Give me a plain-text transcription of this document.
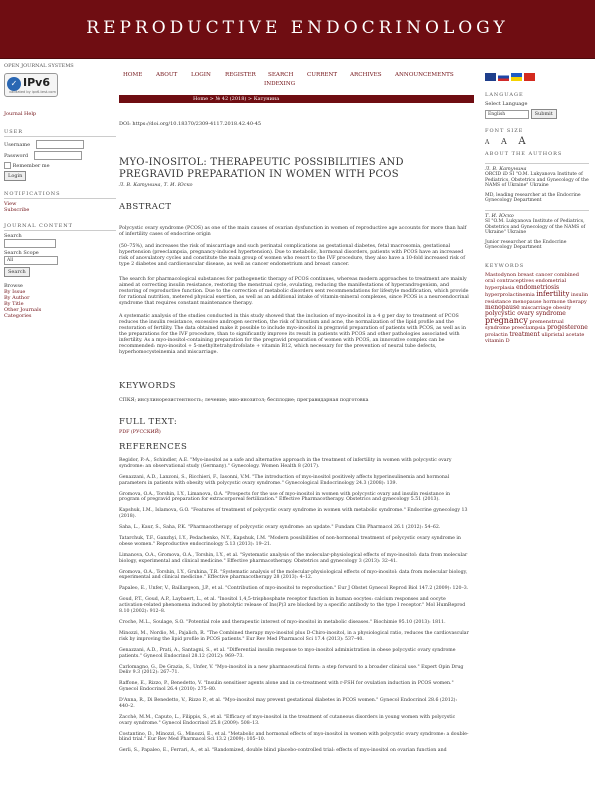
REPRODUCTIVE ENDOCRINOLOGY
OPEN JOURNAL SYSTEMS
✓ IPv6
validated by ipv6-test.com
Journal Help
USER
Username
Password
Remember me
Login
NOTIFICATIONS
View
Subscribe
JOURNAL CONTENT
Search
Search Scope
All
Search
Browse
By Issue
By Author
By Title
Other Journals
Categories
HOME ABOUT LOGIN	REGISTER SEARCH CURRENT ARCHIVES ANNOUNCEMENTS
INDEXING
Home > № 42 (2018) > Катунина
DOI: https://doi.org/10.18370/2309-4117.2018.42.40-45
MYO-INOSITOL: THERAPEUTIC POSSIBILITIES AND PREGRAVID PREPARATION IN WOMEN WITH PCOS
Л. В. Катунина, Т. И. Юско
ABSTRACT
Polycystic ovary syndrome (PCOS) as one of the main causes of ovarian dysfunction in women of reproductive age accounts for more than half of infertility cases of endocrine origin
(50–75%), and increases the risk of miscarriage and such perinatal complications as gestational diabetes, fetal macrosomia, gestational hypertension (preeclampsia, pregnancy-induced hypertension). Due to metabolic, hormonal disorders, patients with PCOS have an increased risk of anovulatory cycles and constitute the main group of women who resort to the IVF procedure, they also have a 10-fold increased risk of type 2 diabetes and cardiovascular disease, as well as cancer endometrium and breast cancer.
The search for pharmacological substances for pathogenetic therapy of PCOS continues, whereas modern approaches to treatment are mainly aimed at correcting insulin resistance, restoring the menstrual cycle, ovulating, reducing the manifestations of hyperandrogenism, and restoring of reproductive function. Due to the correction of metabolic disorders sent recommendations for lifestyle modification, which provide for rational nutrition, metered physical exertion, as well as an additional intake of vitamin-mineral complexes, since PCOS is a neuroendocrinal syndrome that requires constant maintenance therapy.
A systematic analysis of the studies conducted in this study showed that the inclusion of myo-inositol in a 4 g per day to treatment of PCOS reduces the insulin resistance, excessive androgen secretion, the risk of hirsutism and acne, the normalization of the lipid profile and the restoration of fertility. The data obtained make it possible to include myo-inositol in pregravid preparation of patients with PCOS, as well as in the preparations for the IVF procedure, than to significantly improve its result in patients with PCOS and other pathologies associated with infertility. As a myo-inositol-containing preparation for the pregravid preparation of women with PCOS, an innovative complex can be recommended: myo-inositol + 5-methyltetrahydrofolate + vitamin B12, which necessary for the prevention of neural tube defects, hyperhomocysteinemia and miscarriage.
KEYWORDS
СПКЯ; инсулинорезистентность; лечение; мио-инозитол; бесплодие; прегравидарная подготовка
FULL TEXT:
PDF (РУССКИЙ)
REFERENCES
Regidor, P.-A., Schindler, A.E. "Myo-inositol as a safe and alternative approach in the treatment of infertility in women with polycystic ovary syndrome: an observational study (Germany)." Gynecology. Women Health 8 (2017).
Genazzani, A.D., Lanzoni, S., Ricchieri, F., Iasonni, V.M. "The introduction of myo-inositol positively affects hyperinsulinemia and hormonal parameters in patients with obesity with polycystic ovary syndrome." Gynecological Endocrinology 24.3 (2008): 139.
Gromova, O.A., Torshin, I.Y., Limanova, O.A. "Prospects for the use of myo-inositol in women with polycystic ovary and insulin resistance in program of pregravid preparation for extracorporeal fertilization." Effective Pharmacotherapy. Obstetrics and gynecology 5.51 (2013).
Kapshuk, I.M., Islamova, G.O. "Features of treatment of polycystic ovary syndrome in women with metabolic syndrome." Endocrine gynecology 13 (2018).
Saha, L., Kaur, S., Saha, P.K. "Pharmacotherapy of polycystic ovary syndrome: an update." Fundam Clin Pharmacol 26.1 (2012): 54–62.
Tatarchuk, T.F., Ganzhyi, I.Y., Pedachenko, N.Y., Kapshuk, I.M. "Modern possibilities of non-hormonal treatment of polycystic ovary syndrome in obese women." Reproductive endocrinology 5.13 (2013): 19–21.
Limanova, O.A., Gromova, O.A., Torshin, I.Y., et al. "Systematic analysis of the molecular-physiological effects of myo-inositol: data from molecular biology, experimental and clinical medicine." Effective pharmacotherapy. Obstetrics and gynecology 3 (2013): 32–41.
Gromova, O.A., Torshin, I.Y., Gruhina, T.R. "Systematic analysis of the molecular-physiological effects of myo-inositol: data from molecular biology, experimental and clinical medicine." Effective pharmacotherapy 28 (2013): 4–12.
Papaleo, E., Unfer, V., Baillargeon, J.P., et al. "Contribution of myo-inositol to reproduction." Eur J Obstet Gynecol Reprod Biol 147.2 (2009): 120–3.
Goud, P.T., Goud, A.P., Laybaert, L., et al. "Inositol 1,4,5-trisphosphate receptor function in human oocytes: calcium responses and oocyte activation-related phenomena induced by photolytic release of Ins(P)3 are blocked by a specific antibody to the type I receptor." Mol HumReprod 8.10 (2002): 912–8.
Croche, M.L., Soulage, S.O. "Potential role and therapeutic interest of myo-inositol in metabolic diseases." Biochimie 95.10 (2013): 1811.
Minozzi, M., Nordio, M., Pajalich, R. "The Combined therapy myo-inositol plus D-Chiro-inositol, in a physiological ratio, reduces the cardiovascular risk by improving the lipid profile in PCOS patients." Eur Rev Med Pharmacol Sci 17.4 (2013): 537–40.
Genazzani, A.D., Prati, A., Santagni, S., et al. "Differential insulin response to myo-inositol administration in obese polycystic ovary syndrome patients." Gynecol Endocrinol 28.12 (2012): 969–73.
Carlomagno, G., De Grazia, S., Unfer, V. "Myo-inositol in a new pharmaceutical form: a step forward to a broader clinical use." Expert Opin Drug Deliv 9.3 (2012): 267–71.
Raffone, E., Rizzo, P., Benedetto, V. "Insulin sensitiser agents alone and in co-treatment with r-FSH for ovulation induction in PCOS women." Gynecol Endocrinol 26.4 (2010): 275–80.
D'Anna, R., Di Benedetto, V., Rizzo P., et al. "Myo-inositol may prevent gestational diabetes in PCOS women." Gynecol Endocrinol 28.6 (2012): 440–2.
Zacchè, M.M., Caputo, L., Filippis, S., et al. "Efficacy of myo-inositol in the treatment of cutaneous disorders in young women with polycystic ovary syndrome." Gynecol Endocrinol 25.8 (2009): 508–13.
Costantino, D., Minozzi, G., Minozzi, E., et al. "Metabolic and hormonal effects of myo-inositol in women with polycystic ovary syndrome: a double-blind trial." Eur Rev Med Pharmacol Sci 13.2 (2009): 105–10.
Gerli, S., Papaleo, E., Ferrari, A., et al. "Randomized, double blind placebo-controlled trial: effects of myo-inositol on ovarian function and
LANGUAGE
Select Language
English	Submit
FONT SIZE
A A A
ABOUT THE AUTHORS
Л. В. Катунина
ORCID iD SI "O.M. Lukyanova Institute of Pediatrics, Obstetrics and Gynecology of the NAMS of Ukraine" Ukraine
MD, leading researcher at the Endocrine Gynecology Department
Т. И. Юско
SI "O.M. Lukyanova Institute of Pediatrics, Obstetrics and Gynecology of the NAMS of Ukraine" Ukraine
Junior researcher at the Endocrine Gynecology Department
KEYWORDS
Mastodynon breast cancer combined oral contraceptives endometrial hyperplasia endometriosis hyperprolactinemia infertility insulin resistance menopause hormone therapy menopause miscarriage obesity polycystic ovary syndrome pregnancy premenstrual syndrome preeclampsia progesterone prolactin treatment ulipristal acetate vitamin D
